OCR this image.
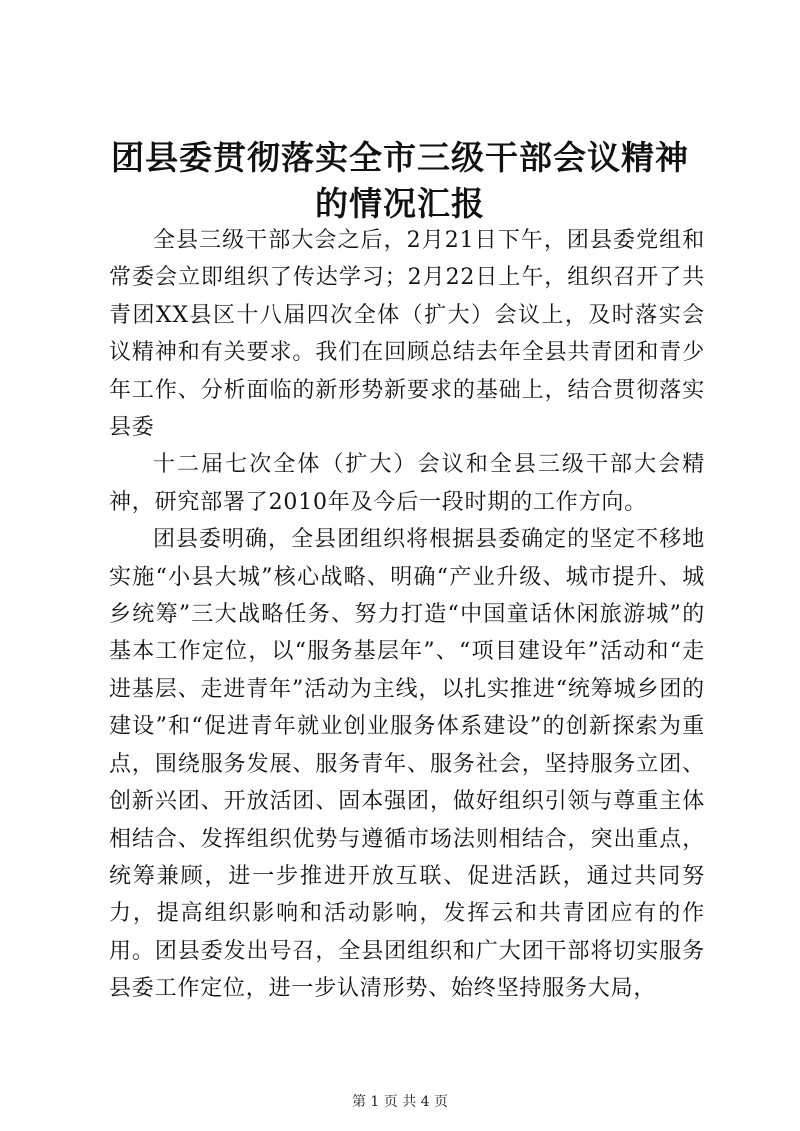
团县委贯彻落实全市三级干部会议精神的情况汇报

全县三级干部大会之后，2月21日下午，团县委党组和常委会立即组织了传达学习；2月22日上午，组织召开了共青团XX县区十八届四次全体（扩大）会议上，及时落实会议精神和有关要求。我们在回顾总结去年全县共青团和青少年工作、分析面临的新形势新要求的基础上，结合贯彻落实县委

十二届七次全体（扩大）会议和全县三级干部大会精神，研究部署了2010年及今后一段时期的工作方向。

团县委明确，全县团组织将根据县委确定的坚定不移地实施“小县大城”核心战略、明确“产业升级、城市提升、城乡统筹”三大战略任务、努力打造“中国童话休闲旅游城”的基本工作定位，以“服务基层年”、“项目建设年”活动和“走进基层、走进青年”活动为主线，以扎实推进“统筹城乡团的建设”和“促进青年就业创业服务体系建设”的创新探索为重点，围绕服务发展、服务青年、服务社会，坚持服务立团、创新兴团、开放活团、固本强团，做好组织引领与尊重主体相结合、发挥组织优势与遵循市场法则相结合，突出重点，统筹兼顾，进一步推进开放互联、促进活跃，通过共同努力，提高组织影响和活动影响，发挥云和共青团应有的作用。团县委发出号召，全县团组织和广大团干部将切实服务县委工作定位，进一步认清形势、始终坚持服务大局，

第 1 页 共 4 页
